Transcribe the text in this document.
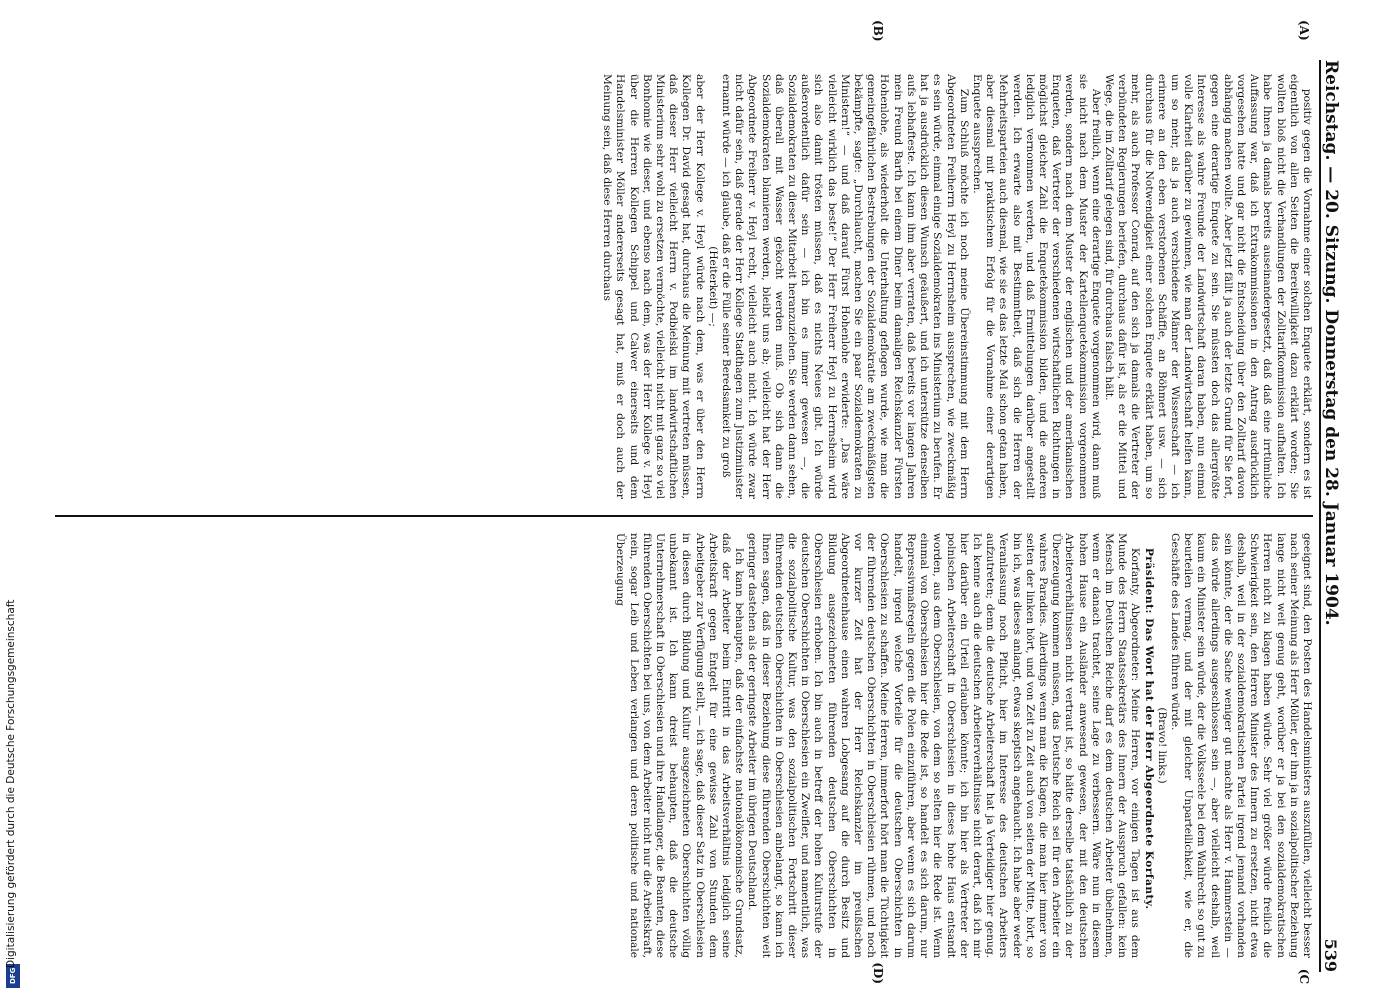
DFG
Digitalisierung gefördert durch die Deutsche Forschungsgemeinschaft
Reichstag. — 20. Sitzung. Donnerstag den 28. Januar 1904.
539
(A)
(B)
(C
(D)

positiv gegen die Vornahme einer solchen Enquete erklärt, sondern es ist eigentlich von allen Seiten die Bereitwilligkeit dazu erklärt worden; Sie wollten bloß nicht die Verhandlungen der Zolltarifkommission aufhalten. Ich habe Ihnen ja damals bereits auseinandergesetzt, daß daß eine irrtümliche Auffassung war, daß ich Extrakommissionen in den Antrag ausdrücklich vorgesehen hatte und gar nicht die Entscheidung über den Zolltarif davon abhängig machen wollte. Aber jetzt fällt ja auch der letzte Grund für Sie fort, gegen eine derartige Enquete zu sein. Sie müssten doch das allergrößte Interesse als wahre Freunde der Landwirtschaft daran haben, nun einmal volle Klarheit darüber zu gewinnen, wie man der Landwirtschaft helfen kann, um so mehr, als ja auch verschiedene Männer der Wissenschaft — ich erinnere an den eben verstorbenen Schäffle, an Böhmert usw. — sich durchaus für die Notwendigkeit einer solchen Enquete erklärt haben, um so mehr, als auch Professor Conrad, auf den sich ja damals die Vertreter der verbündeten Regierungen beriefen, durchaus dafür ist, als er die Mittel und Wege, die im Zolltarif gelegen sind, für durchaus falsch hält.

Aber freilich, wenn eine derartige Enquete vorgenommen wird, dann muß sie nicht nach dem Muster der Kartellenquetekommission vorgenommen werden, sondern nach dem Muster der englischen und der amerikanischen Enqueten, daß Vertreter der verschiedenen wirtschaftlichen Richtungen in möglichst gleicher Zahl die Enquetekommission bilden, und die anderen lediglich vernommen werden, und daß Ermittelungen darüber angestellt werden. Ich erwarte also mit Bestimmtheit, daß sich die Herren der Mehrheitsparteien auch diesmal, wie sie es das letzte Mal schon getan haben, aber diesmal mit praktischem Erfolg für die Vornahme einer derartigen Enquete aussprechen.

Zum Schluß möchte ich noch meine Übereinstimmung mit dem Herrn Abgeordneten Freiherrn Heyl zu Herrnsheim aussprechen, wie zweckmäßig es sein würde, einmal einige Sozialdemokraten ins Ministerium zu berufen. Er hat ja ausdrücklich diesen Wunsch geäußert, und ich unterstütze denselben aufs lebhafteste. Ich kann ihm aber verraten, daß bereits vor langen Jahren mein Freund Barth bei einem Diner beim damaligen Reichskanzler Fürsten Hohenlohe, als wiederholt die Unterhaltung geflogen wurde, wie man die gemeingefährlichen Bestrebungen der Sozialdemokratie am zweckmäßigsten bekämpfte, sagte: „Durchlaucht, machen Sie ein paar Sozialdemokraten zu Ministern!“ — und daß darauf Fürst Hohenlohe erwiderte: „Das wäre vielleicht wirklich das beste!“ Der Herr Freiherr Heyl zu Herrnsheim wird sich also damit trösten müssen, daß es nichts Neues gibt. Ich würde außerordentlich dafür sein — ich bin es immer gewesen —, die Sozialdemokraten zu dieser Mitarbeit heranzuziehen. Sie werden dann sehen, daß überall mit Wasser gekocht werden muß. Ob sich dann die Sozialdemokraten blamieren werden, bleibt uns ab; vielleicht hat der Herr Abgeordnete Freiherr v. Heyl recht, vielleicht auch nicht. Ich würde zwar nicht dafür sein, daß gerade der Herr Kollege Stadthagen zum Justizminister ernannt würde — ich glaube, daß er die Fülle seiner Beredsamkeit zu groß

(Heiterkeit) —;

aber der Herr Kollege v. Heyl würde nach dem, was er über den Herrn Kollegen Dr. David gesagt hat, durchaus die Meinung mit vertreten müssen, daß dieser Herr vielleicht Herrn v. Podbielski im landwirtschaftlichen Ministerium sehr wohl zu ersetzen vermöchte, vielleicht nicht mit ganz so viel Bonhomie wie dieser, und ebenso nach dem, was der Herr Kollege v. Heyl über die Herren Kollegen Schippel und Calwer einerseits und dem Handelsminister Möller andererseits gesagt hat, muß er doch auch der Meinung sein, daß diese Herren durchaus

geeignet sind, den Posten des Handelsministers auszufüllen, vielleicht besser nach seiner Meinung als Herr Möller, der ihm ja in sozialpolitischer Beziehung lange nicht weit genug geht, worüber er ja bei den sozialdemokratischen Herren nicht zu klagen haben würde. Sehr viel größer würde freilich die Schwierigkeit sein, den Herren Minister des Innern zu ersetzen, nicht etwa deshalb, weil in der sozialdemokratischen Partei irgend jemand vorhanden sein könnte, der die Sache weniger gut machte als Herr v. Hammerstein — das würde allerdings ausgeschlossen sein —, aber vielleicht deshalb, weil kaum ein Minister sein würde, der die Volksseele bei dem Wahlrecht so gut zu beurteilen vermag, und der mit gleicher Unparteilichkeit, wie er, die Geschäfte des Landes führen würde.

(Bravo! links.)

Präsident: Das Wort hat der Herr Abgeordnete Korfanty.

Korfanty, Abgeordneter: Meine Herren, vor einigen Tagen ist aus dem Munde des Herrn Staatssekretärs des Innern der Ausspruch gefallen: kein Mensch im Deutschen Reiche darf es dem deutschen Arbeiter übelnehmen, wenn er danach trachtet, seine Lage zu verbessern. Wäre nun in diesem hohen Hause ein Ausländer anwesend gewesen, der mit den deutschen Arbeiterverhältnissen nicht vertraut ist, so hätte derselbe tatsächlich zu der Überzeugung kommen müssen, das Deutsche Reich sei für den Arbeiter ein wahres Paradies. Allerdings wenn man die Klagen, die man hier immer von seiten der linken hört, und von Zeit zu Zeit auch von seiten der Mitte, hört, so bin ich, was dieses anlangt, etwas skeptisch angehaucht. Ich habe aber weder Veranlassung noch Pflicht, hier im Interesse des deutschen Arbeiters aufzutreten; denn die deutsche Arbeiterschaft hat ja Verteidiger hier genug. Ich kenne auch die deutschen Arbeiterverhältnisse nicht derart, daß ich mir hier darüber ein Urteil erlauben könnte; ich bin hier als Vertreter der polnischen Arbeiterschaft in Oberschlesien in dieses hohe Haus entsandt worden, aus dem Oberschlesien, von dem so selten hier die Rede ist. Wenn einmal von Oberschlesien hier die Rede ist, so handelt es sich darum, nur Repressivmaßregeln gegen die Polen einzuführen, aber wenn es sich darum handelt, irgend welche Vorteile für die deutschen Oberschichten in Oberschlesien zu schaffen. Meine Herren, immerfort hört man die Tüchtigkeit der führenden deutschen Oberschichten in Oberschlesien rühmen, und noch vor kurzer Zeit hat der Herr Reichskanzler im preußischen Abgeordnetenhause einen wahren Lobgesang auf die durch Besitz und Bildung ausgezeichneten führenden deutschen Oberschichten in Oberschlesien erhoben. Ich bin auch in betreff der hohen Kulturstufe der deutschen Oberschichten in Oberschlesien ein Zweifler, und namentlich, was die sozialpolitische Kultur, was den sozialpolitischen Fortschritt dieser führenden deutschen Oberschichten in Oberschlesien anbelangt, so kann ich Ihnen sagen, daß in dieser Beziehung diese führenden Oberschichten weit geringer dastehen als der geringste Arbeiter im übrigen Deutschland.

Ich kann behaupten, daß der einfachste nationalökonomische Grundsatz, daß der Arbeiter beim Eintritt in das Arbeitsverhältnis lediglich seine Arbeitskraft gegen Entgelt für eine gewisse Zahl von Stunden dem Arbeitgeber zur Verfügung stellt, — ich sage, daß dieser Satz in Oberschlesien in diesen durch Bildung und Kultur ausgezeichneten Oberschichten völlig unbekannt ist. Ich kann dreist behaupten, daß die deutsche Unternehmerschaft in Oberschlesien und ihre Handlanger, die Beamten, diese führenden Oberschichten bei uns, von dem Arbeiter nicht nur die Arbeitskraft, nein, sogar Leib und Leben verlangen und deren politische und nationale Überzeugung
